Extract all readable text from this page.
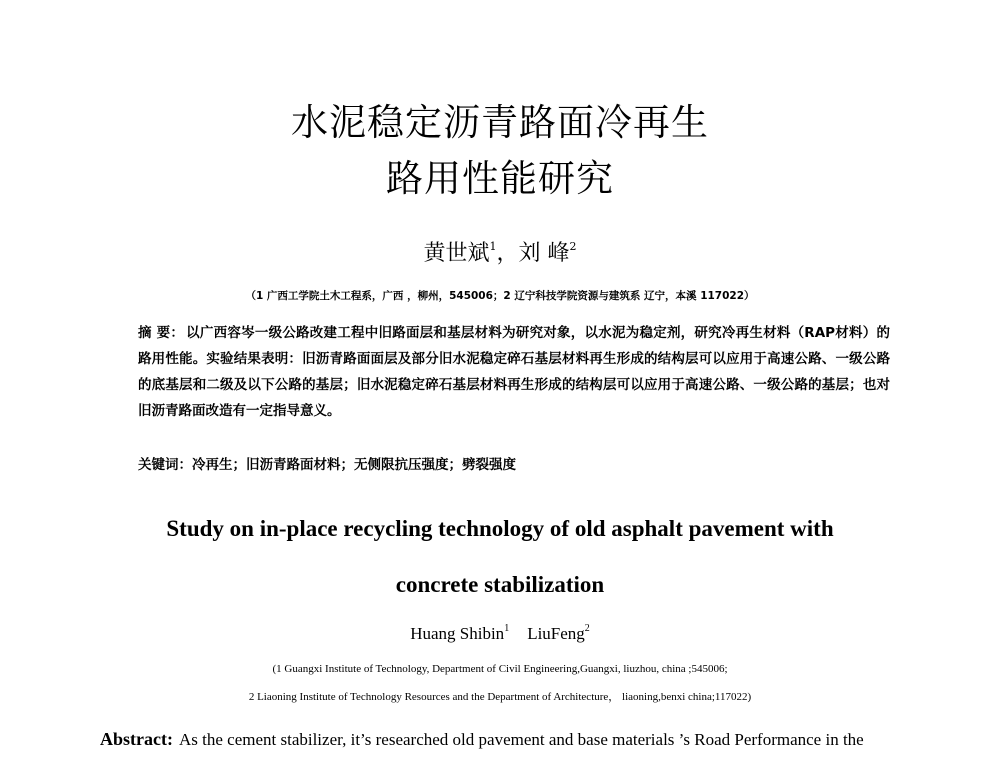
水泥稳定沥青路面冷再生
路用性能研究
黄世斌$^1$，刘 峰$^2$
（1 广西工学院土木工程系，广西 ，柳州，545006；2 辽宁科技学院资源与建筑系 辽宁，本溪 117022）
摘 要： 以广西容岑一级公路改建工程中旧路面层和基层材料为研究对象，以水泥为稳定剂，研究冷再生材料（RAP材料）的路用性能。实验结果表明：旧沥青路面面层及部分旧水泥稳定碎石基层材料再生形成的结构层可以应用于高速公路、一级公路的底基层和二级及以下公路的基层；旧水泥稳定碎石基层材料再生形成的结构层可以应用于高速公路、一级公路的基层；也对旧沥青路面改造有一定指导意义。
关键词：冷再生；旧沥青路面材料；无侧限抗压强度；劈裂强度
Study on in-place recycling technology of old asphalt pavement with
concrete stabilization
Huang Shibin$^1$ LiuFeng$^2$
(1 Guangxi Institute of Technology, Department of Civil Engineering,Guangxi, liuzhou, china ;545006;
2 Liaoning Institute of Technology Resources and the Department of Architecture， liaoning,benxi china;117022)
Abstract: As the cement stabilizer, it’s researched old pavement and base materials ’s Road Performance in the
